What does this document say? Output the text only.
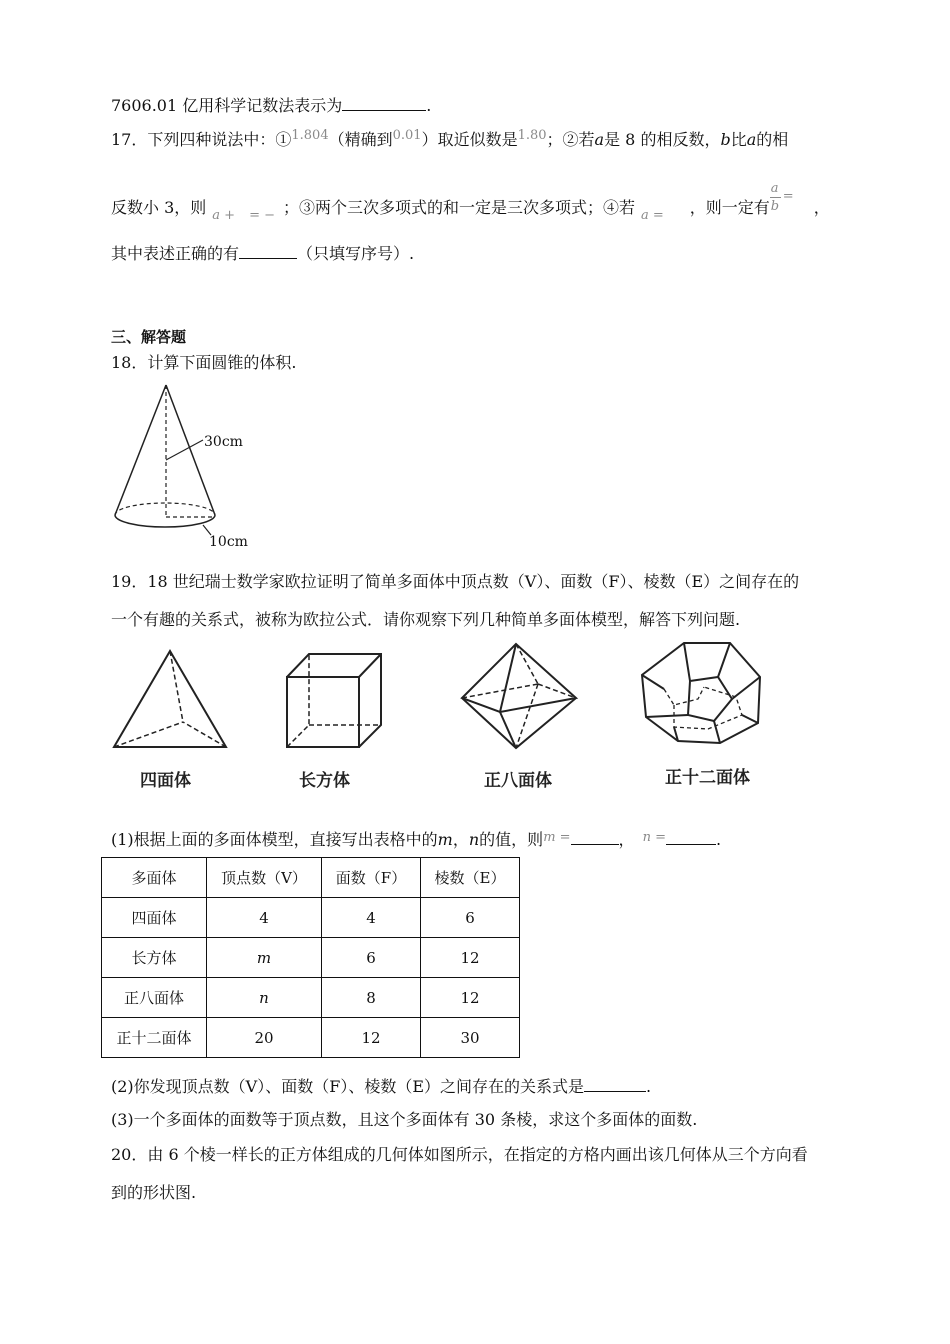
7606.01 亿用科学记数法表示为	.
17．下列四种说法中：①$^{1.804}$（精确到$^{0.01}$）取近似数是$^{1.80}$；②若a是 8 的相反数，b比a的相
反数小 3，则 $_{a +}$ $_{= -}$ ；③两个三次多项式的和一定是三次多项式；④若 $_{a =}$ ，则一定有
a
b
=
，
其中表述正确的有	（只填写序号）.
三、解答题
18．计算下面圆锥的体积.
30cm
10cm
19．18 世纪瑞士数学家欧拉证明了简单多面体中顶点数（V）、面数（F）、棱数（E）之间存在的
一个有趣的关系式，被称为欧拉公式．请你观察下列几种简单多面体模型，解答下列问题.
四面体	长方体	正八面体	正十二面体
(1)根据上面的多面体模型，直接写出表格中的m，n的值，则$^{m =}$	， $^{n =}$	.
多面体	顶点数（V）	面数（F）	棱数（E）
四面体	4	4	6
长方体	m	6	12
正八面体	n	8	12
正十二面体	20	12	30
(2)你发现顶点数（V）、面数（F）、棱数（E）之间存在的关系式是	.
(3)一个多面体的面数等于顶点数，且这个多面体有 30 条棱，求这个多面体的面数.
20．由 6 个棱一样长的正方体组成的几何体如图所示，在指定的方格内画出该几何体从三个方向看
到的形状图.
